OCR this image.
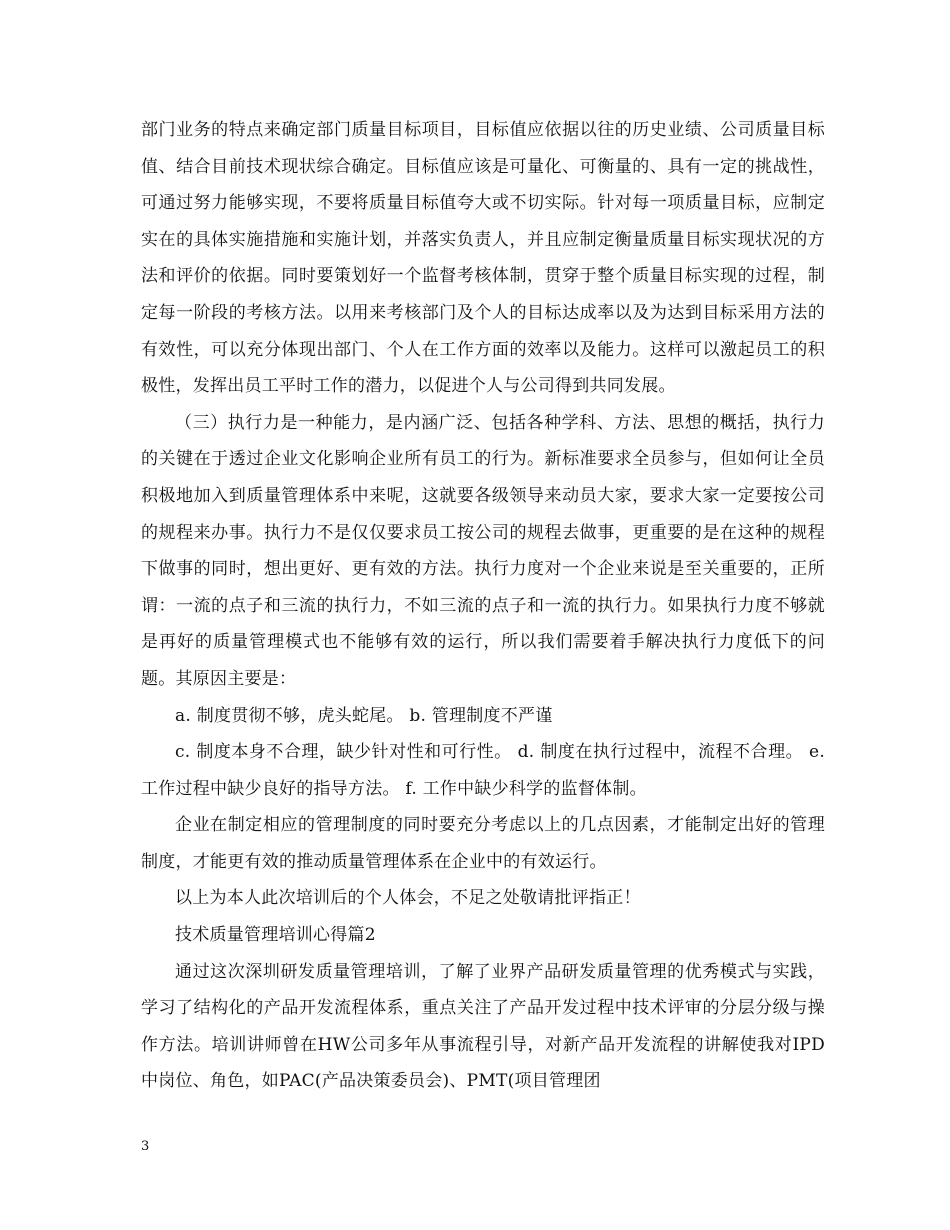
部门业务的特点来确定部门质量目标项目，目标值应依据以往的历史业绩、公司质量目标值、结合目前技术现状综合确定。目标值应该是可量化、可衡量的、具有一定的挑战性，可通过努力能够实现，不要将质量目标值夸大或不切实际。针对每一项质量目标，应制定实在的具体实施措施和实施计划，并落实负责人，并且应制定衡量质量目标实现状况的方法和评价的依据。同时要策划好一个监督考核体制，贯穿于整个质量目标实现的过程，制定每一阶段的考核方法。以用来考核部门及个人的目标达成率以及为达到目标采用方法的有效性，可以充分体现出部门、个人在工作方面的效率以及能力。这样可以激起员工的积极性，发挥出员工平时工作的潜力，以促进个人与公司得到共同发展。

（三）执行力是一种能力，是内涵广泛、包括各种学科、方法、思想的概括，执行力的关键在于透过企业文化影响企业所有员工的行为。新标准要求全员参与，但如何让全员积极地加入到质量管理体系中来呢，这就要各级领导来动员大家，要求大家一定要按公司的规程来办事。执行力不是仅仅要求员工按公司的规程去做事，更重要的是在这种的规程下做事的同时，想出更好、更有效的方法。执行力度对一个企业来说是至关重要的，正所谓：一流的点子和三流的执行力，不如三流的点子和一流的执行力。如果执行力度不够就是再好的质量管理模式也不能够有效的运行，所以我们需要着手解决执行力度低下的问题。其原因主要是：

a. 制度贯彻不够，虎头蛇尾。 b. 管理制度不严谨

c. 制度本身不合理，缺少针对性和可行性。 d. 制度在执行过程中，流程不合理。 e. 工作过程中缺少良好的指导方法。 f. 工作中缺少科学的监督体制。

企业在制定相应的管理制度的同时要充分考虑以上的几点因素，才能制定出好的管理制度，才能更有效的推动质量管理体系在企业中的有效运行。

以上为本人此次培训后的个人体会，不足之处敬请批评指正！

技术质量管理培训心得篇2

通过这次深圳研发质量管理培训，了解了业界产品研发质量管理的优秀模式与实践，学习了结构化的产品开发流程体系，重点关注了产品开发过程中技术评审的分层分级与操作方法。培训讲师曾在HW公司多年从事流程引导，对新产品开发流程的讲解使我对IPD中岗位、角色，如PAC(产品决策委员会)、PMT(项目管理团

3
